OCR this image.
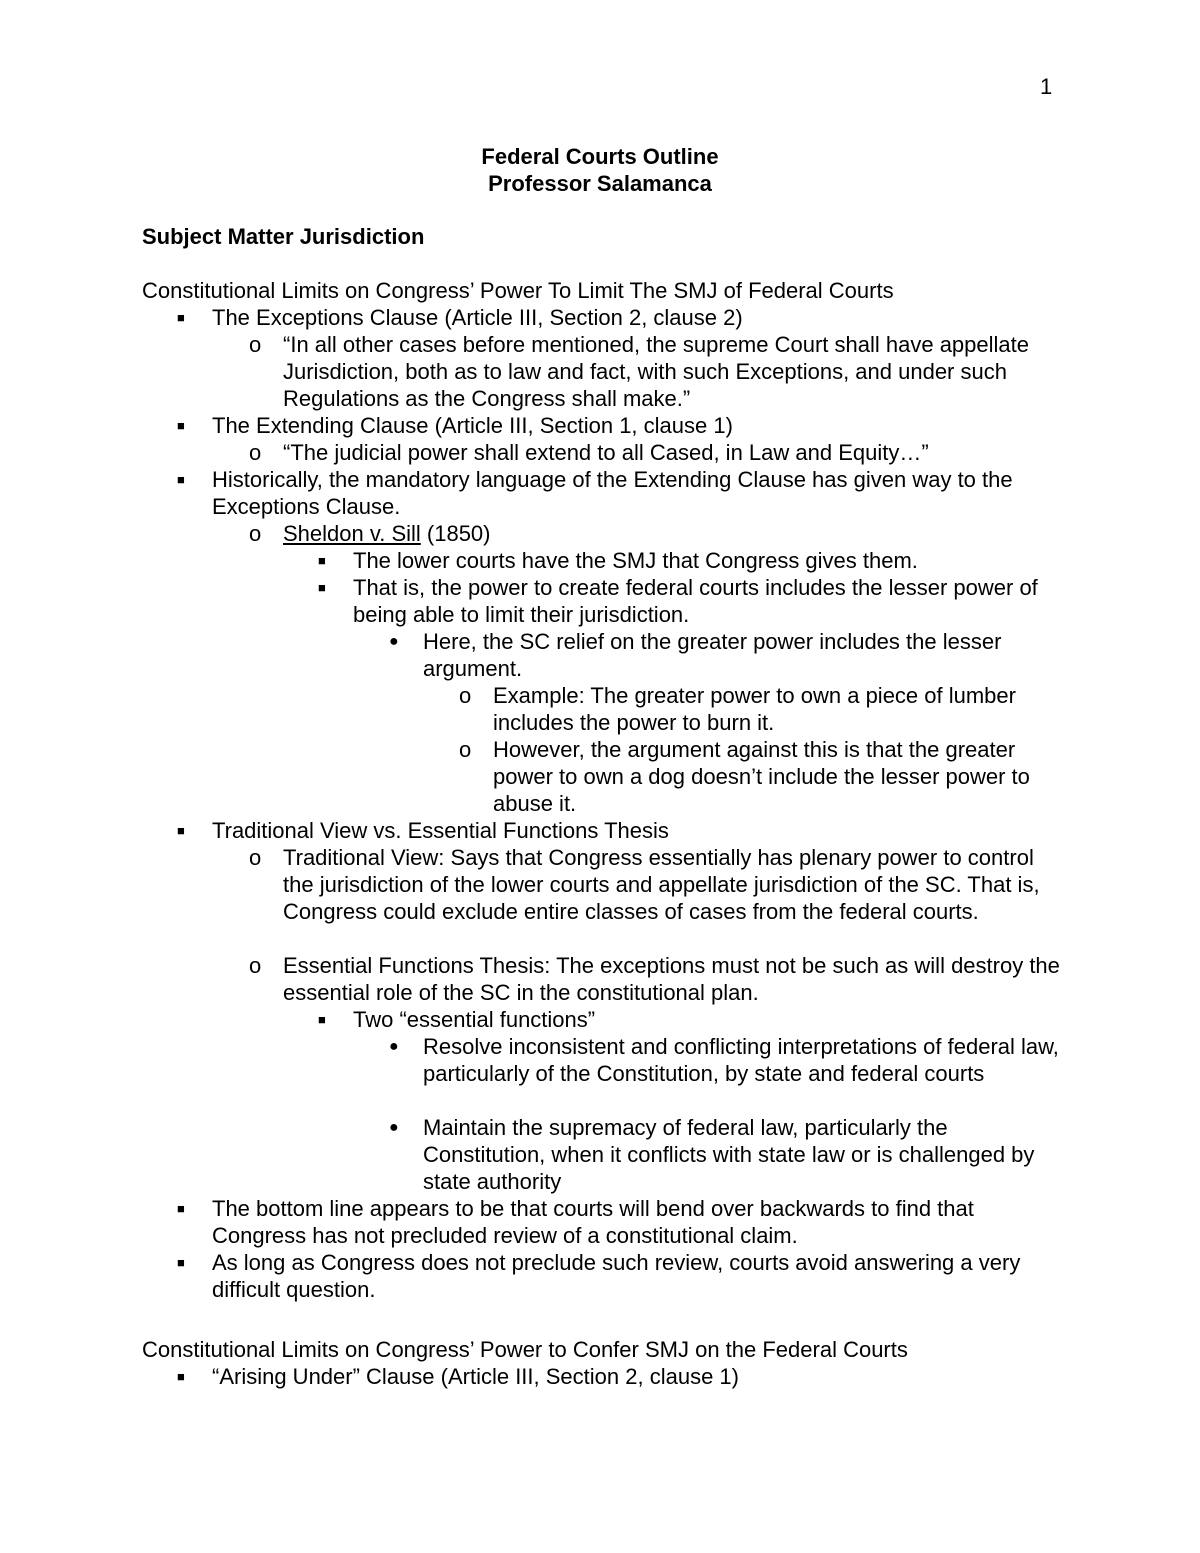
1
Federal Courts Outline
Professor Salamanca
Subject Matter Jurisdiction
Constitutional Limits on Congress’ Power To Limit The SMJ of Federal Courts
■ The Exceptions Clause (Article III, Section 2, clause 2)
o “In all other cases before mentioned, the supreme Court shall have appellate Jurisdiction, both as to law and fact, with such Exceptions, and under such Regulations as the Congress shall make.”
■ The Extending Clause (Article III, Section 1, clause 1)
o “The judicial power shall extend to all Cased, in Law and Equity…”
■ Historically, the mandatory language of the Extending Clause has given way to the Exceptions Clause.
o Sheldon v. Sill (1850)
■ The lower courts have the SMJ that Congress gives them.
■ That is, the power to create federal courts includes the lesser power of being able to limit their jurisdiction.
● Here, the SC relief on the greater power includes the lesser argument.
o Example: The greater power to own a piece of lumber includes the power to burn it.
o However, the argument against this is that the greater power to own a dog doesn’t include the lesser power to abuse it.
■ Traditional View vs. Essential Functions Thesis
o Traditional View: Says that Congress essentially has plenary power to control the jurisdiction of the lower courts and appellate jurisdiction of the SC. That is, Congress could exclude entire classes of cases from the federal courts.
o Essential Functions Thesis: The exceptions must not be such as will destroy the essential role of the SC in the constitutional plan.
■ Two “essential functions”
● Resolve inconsistent and conflicting interpretations of federal law, particularly of the Constitution, by state and federal courts
● Maintain the supremacy of federal law, particularly the Constitution, when it conflicts with state law or is challenged by state authority
■ The bottom line appears to be that courts will bend over backwards to find that Congress has not precluded review of a constitutional claim.
■ As long as Congress does not preclude such review, courts avoid answering a very difficult question.
Constitutional Limits on Congress’ Power to Confer SMJ on the Federal Courts
■ “Arising Under” Clause (Article III, Section 2, clause 1)
